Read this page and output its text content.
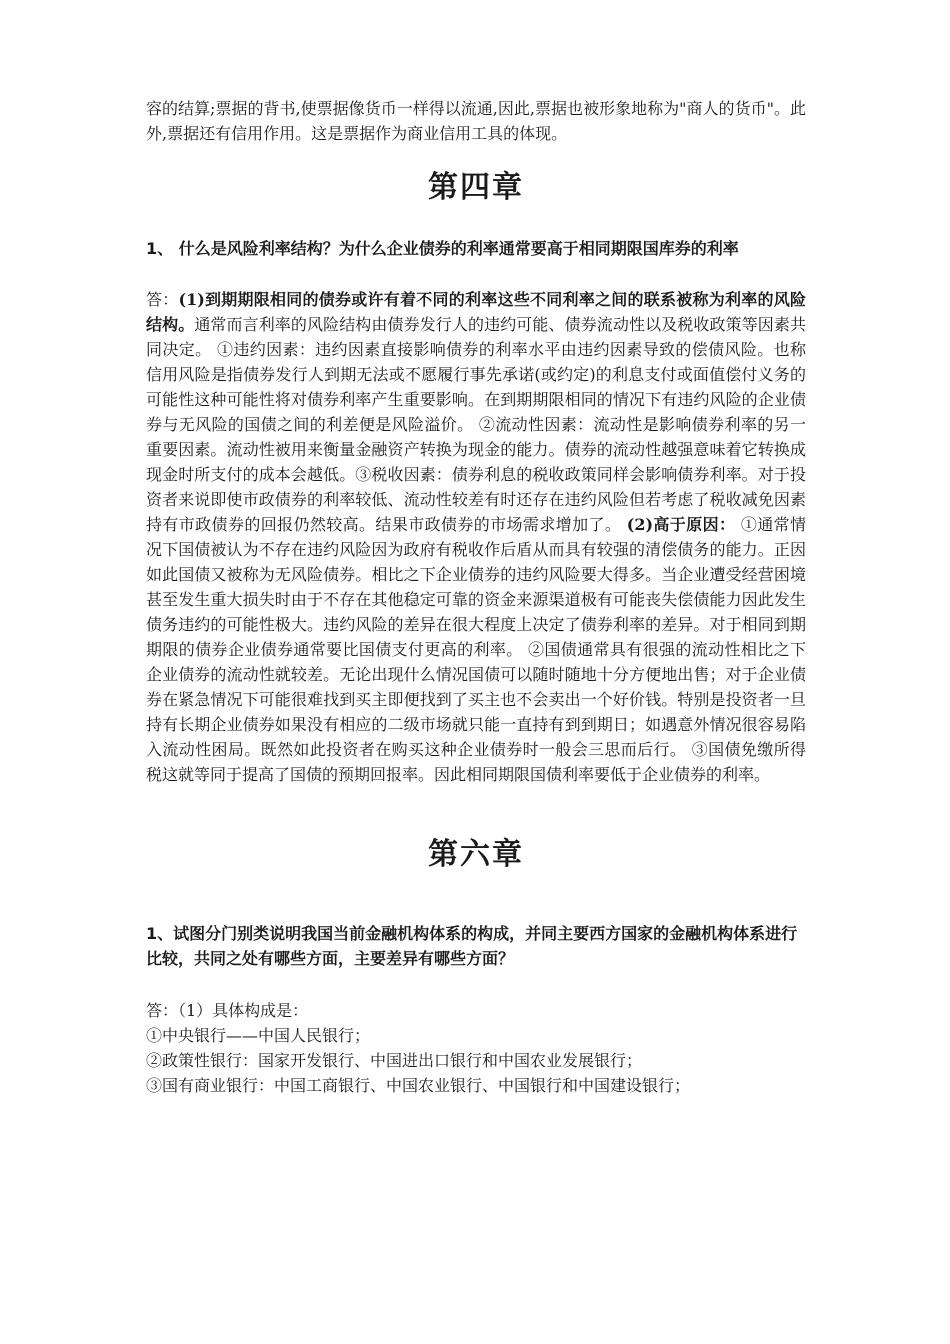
容的结算;票据的背书,使票据像货币一样得以流通,因此,票据也被形象地称为"商人的货币"。此外,票据还有信用作用。这是票据作为商业信用工具的体现。

第四章

1、 什么是风险利率结构？为什么企业债券的利率通常要高于相同期限国库券的利率

答：(1)到期期限相同的债券或许有着不同的利率这些不同利率之间的联系被称为利率的风险结构。通常而言利率的风险结构由债券发行人的违约可能、债券流动性以及税收政策等因素共同决定。 ①违约因素：违约因素直接影响债券的利率水平由违约因素导致的偿债风险。也称信用风险是指债券发行人到期无法或不愿履行事先承诺(或约定)的利息支付或面值偿付义务的可能性这种可能性将对债券利率产生重要影响。在到期期限相同的情况下有违约风险的企业债券与无风险的国债之间的利差便是风险溢价。 ②流动性因素：流动性是影响债券利率的另一重要因素。流动性被用来衡量金融资产转换为现金的能力。债券的流动性越强意味着它转换成现金时所支付的成本会越低。③税收因素：债券利息的税收政策同样会影响债券利率。对于投资者来说即使市政债券的利率较低、流动性较差有时还存在违约风险但若考虑了税收减免因素持有市政债券的回报仍然较高。结果市政债券的市场需求增加了。 (2)高于原因： ①通常情况下国债被认为不存在违约风险因为政府有税收作后盾从而具有较强的清偿债务的能力。正因如此国债又被称为无风险债券。相比之下企业债券的违约风险要大得多。当企业遭受经营困境甚至发生重大损失时由于不存在其他稳定可靠的资金来源渠道极有可能丧失偿债能力因此发生债务违约的可能性极大。违约风险的差异在很大程度上决定了债券利率的差异。对于相同到期期限的债券企业债券通常要比国债支付更高的利率。 ②国债通常具有很强的流动性相比之下企业债券的流动性就较差。无论出现什么情况国债可以随时随地十分方便地出售；对于企业债券在紧急情况下可能很难找到买主即便找到了买主也不会卖出一个好价钱。特别是投资者一旦持有长期企业债券如果没有相应的二级市场就只能一直持有到到期日；如遇意外情况很容易陷入流动性困局。既然如此投资者在购买这种企业债券时一般会三思而后行。 ③国债免缴所得税这就等同于提高了国债的预期回报率。因此相同期限国债利率要低于企业债券的利率。

第六章

1、试图分门别类说明我国当前金融机构体系的构成，并同主要西方国家的金融机构体系进行比较，共同之处有哪些方面，主要差异有哪些方面？

答：（1）具体构成是：

①中央银行——中国人民银行；

②政策性银行：国家开发银行、中国进出口银行和中国农业发展银行；

③国有商业银行：中国工商银行、中国农业银行、中国银行和中国建设银行；
